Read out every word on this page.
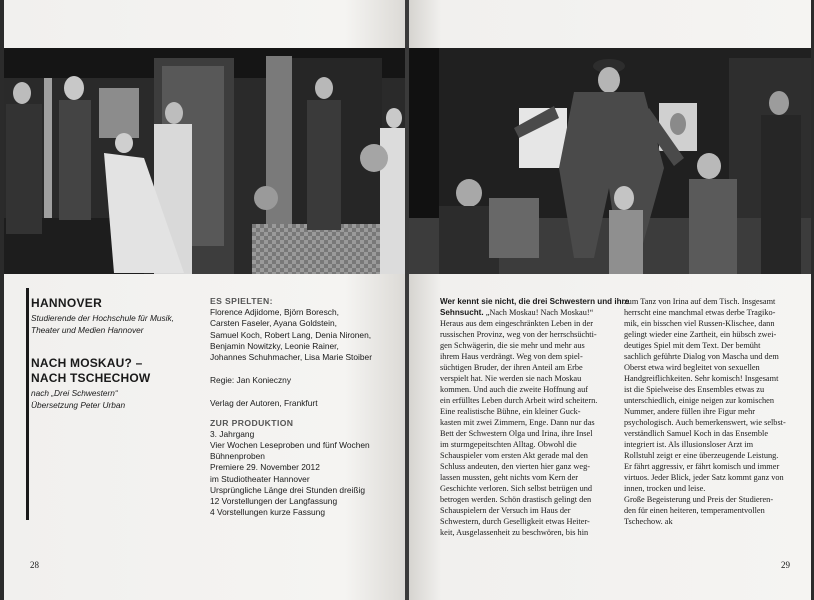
HANNOVER
Studierende der Hochschule für Musik,
Theater und Medien Hannover
NACH MOSKAU? –
NACH TSCHECHOW
nach „Drei Schwestern“
Übersetzung Peter Urban
ES SPIELTEN:
Florence Adjidome, Björn Boresch,
Carsten Faseler, Ayana Goldstein,
Samuel Koch, Robert Lang, Denia Nironen,
Benjamin Nowitzky, Leonie Rainer,
Johannes Schuhmacher, Lisa Marie Stoiber
Regie: Jan Konieczny
Verlag der Autoren, Frankfurt
ZUR PRODUKTION
3. Jahrgang
Vier Wochen Leseproben und fünf Wochen
Bühnenproben
Premiere 29. November 2012
im Studiotheater Hannover
Ursprüngliche Länge drei Stunden dreißig
12 Vorstellungen der Langfassung
4 Vorstellungen kurze Fassung
28
Wer kennt sie nicht, die drei Schwestern und ihre
Sehnsucht. „Nach Moskau! Nach Moskau!“
Heraus aus dem eingeschränkten Leben in der
russischen Provinz, weg von der herrschsüchti-
gen Schwägerin, die sie mehr und mehr aus
ihrem Haus verdrängt. Weg von dem spiel-
süchtigen Bruder, der ihren Anteil am Erbe
verspielt hat. Nie werden sie nach Moskau
kommen. Und auch die zweite Hoffnung auf
ein erfülltes Leben durch Arbeit wird scheitern.
Eine realistische Bühne, ein kleiner Guck-
kasten mit zwei Zimmern, Enge. Dann nur das
Bett der Schwestern Olga und Irina, ihre Insel
im sturmgepeitschten Alltag. Obwohl die
Schauspieler vom ersten Akt gerade mal den
Schluss andeuten, den vierten hier ganz weg-
lassen mussten, geht nichts vom Kern der
Geschichte verloren. Sich selbst betrügen und
betrogen werden. Schön drastisch gelingt den
Schauspielern der Versuch im Haus der
Schwestern, durch Geselligkeit etwas Heiter-
keit, Ausgelassenheit zu beschwören, bis hin
zum Tanz von Irina auf dem Tisch. Insgesamt
herrscht eine manchmal etwas derbe Tragiko-
mik, ein bisschen viel Russen-Klischee, dann
gelingt wieder eine Zartheit, ein hübsch zwei-
deutiges Spiel mit dem Text. Der bemüht
sachlich geführte Dialog von Mascha und dem
Oberst etwa wird begleitet von sexuellen
Handgreiflichkeiten. Sehr komisch! Insgesamt
ist die Spielweise des Ensembles etwas zu
unterschiedlich, einige neigen zur komischen
Nummer, andere füllen ihre Figur mehr
psychologisch. Auch bemerkenswert, wie selbst-
verständlich Samuel Koch in das Ensemble
integriert ist. Als illusionsloser Arzt im
Rollstuhl zeigt er eine überzeugende Leistung.
Er fährt aggressiv, er fährt komisch und immer
virtuos. Jeder Blick, jeder Satz kommt ganz von
innen, trocken und leise.
Große Begeisterung und Preis der Studieren-
den für einen heiteren, temperamentvollen
Tschechow. ak
29
